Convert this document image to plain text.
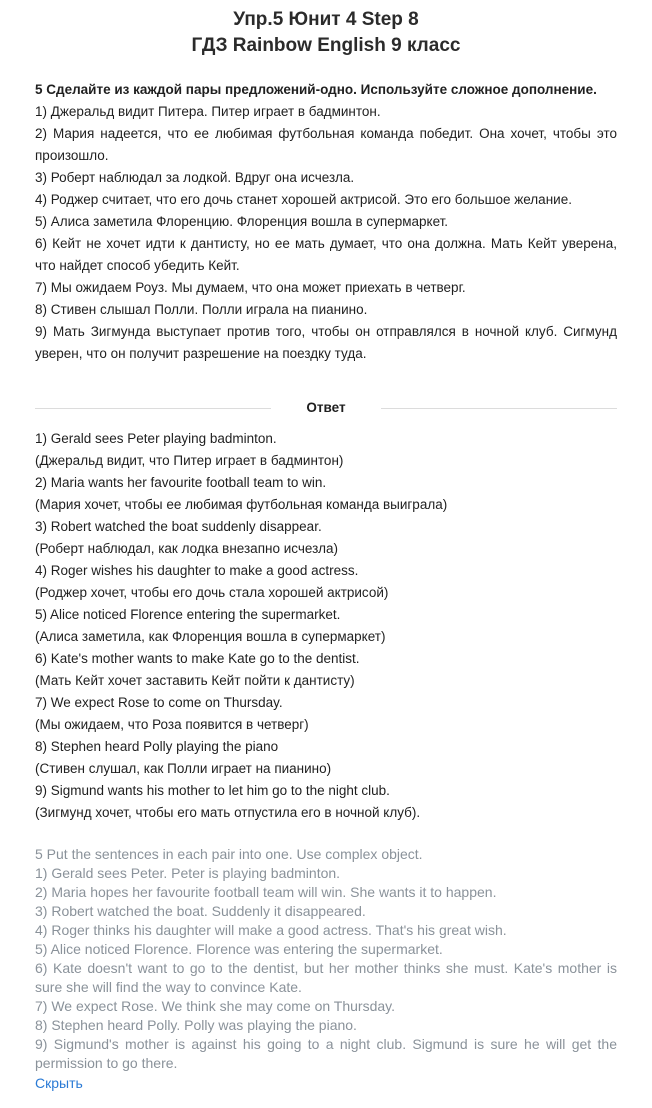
Упр.5 Юнит 4 Step 8
ГДЗ Rainbow English 9 класс

5 Сделайте из каждой пары предложений-одно. Используйте сложное дополнение.

1) Джеральд видит Питера. Питер играет в бадминтон.

2) Мария надеется, что ее любимая футбольная команда победит. Она хочет, чтобы это произошло.

3) Роберт наблюдал за лодкой. Вдруг она исчезла.

4) Роджер считает, что его дочь станет хорошей актрисой. Это его большое желание.

5) Алиса заметила Флоренцию. Флоренция вошла в супермаркет.

6) Кейт не хочет идти к дантисту, но ее мать думает, что она должна. Мать Кейт уверена, что найдет способ убедить Кейт.

7) Мы ожидаем Роуз. Мы думаем, что она может приехать в четверг.

8) Стивен слышал Полли. Полли играла на пианино.

9) Мать Зигмунда выступает против того, чтобы он отправлялся в ночной клуб. Сигмунд уверен, что он получит разрешение на поездку туда.

Ответ

1) Gerald sees Peter playing badminton.

(Джеральд видит, что Питер играет в бадминтон)

2) Maria wants her favourite football team to win.

(Мария хочет, чтобы ее любимая футбольная команда выиграла)

3) Robert watched the boat suddenly disappear.

(Роберт наблюдал, как лодка внезапно исчезла)

4) Roger wishes his daughter to make a good actress.

(Роджер хочет, чтобы его дочь стала хорошей актрисой)

5) Alice noticed Florence entering the supermarket.

(Алиса заметила, как Флоренция вошла в супермаркет)

6) Kate's mother wants to make Kate go to the dentist.

(Мать Кейт хочет заставить Кейт пойти к дантисту)

7) We expect Rose to come on Thursday.

(Мы ожидаем, что Роза появится в четверг)

8) Stephen heard Polly playing the piano

(Стивен слушал, как Полли играет на пианино)

9) Sigmund wants his mother to let him go to the night club.

(Зигмунд хочет, чтобы его мать отпустила его в ночной клуб).

5 Put the sentences in each pair into one. Use complex object.

1) Gerald sees Peter. Peter is playing badminton.

2) Maria hopes her favourite football team will win. She wants it to happen.

3) Robert watched the boat. Suddenly it disappeared.

4) Roger thinks his daughter will make a good actress. That's his great wish.

5) Alice noticed Florence. Florence was entering the supermarket.

6) Kate doesn't want to go to the dentist, but her mother thinks she must. Kate's mother is sure she will find the way to convince Kate.

7) We expect Rose. We think she may come on Thursday.

8) Stephen heard Polly. Polly was playing the piano.

9) Sigmund's mother is against his going to a night club. Sigmund is sure he will get the permission to go there.

Скрыть
